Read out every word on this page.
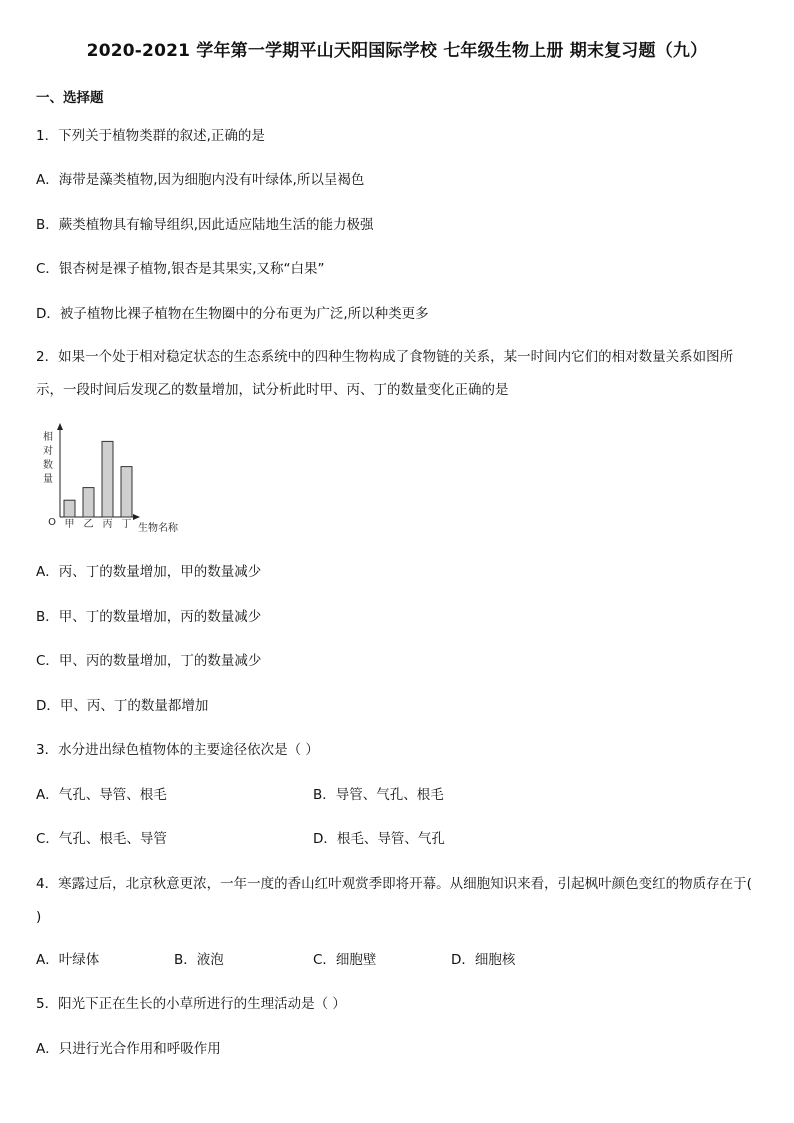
2020-2021 学年第一学期平山天阳国际学校 七年级生物上册 期末复习题（九）
一、选择题
1．下列关于植物类群的叙述,正确的是
A．海带是藻类植物,因为细胞内没有叶绿体,所以呈褐色
B．蕨类植物具有输导组织,因此适应陆地生活的能力极强
C．银杏树是裸子植物,银杏是其果实,又称“白果”
D．被子植物比裸子植物在生物圈中的分布更为广泛,所以种类更多
2．如果一个处于相对稳定状态的生态系统中的四种生物构成了食物链的关系，某一时间内它们的相对数量关系如图所示，一段时间后发现乙的数量增加，试分析此时甲、丙、丁的数量变化正确的是
相
对
数
量
O 甲 乙 丙 丁 生物名称
A．丙、丁的数量增加，甲的数量减少
B．甲、丁的数量增加，丙的数量减少
C．甲、丙的数量增加，丁的数量减少
D．甲、丙、丁的数量都增加
3．水分进出绿色植物体的主要途径依次是（ ）
A．气孔、导管、根毛	B．导管、气孔、根毛
C．气孔、根毛、导管	D．根毛、导管、气孔
4．寒露过后，北京秋意更浓，一年一度的香山红叶观赏季即将开幕。从细胞知识来看，引起枫叶颜色变红的物质存在于( )
A．叶绿体	B．液泡	C．细胞壁	D．细胞核
5．阳光下正在生长的小草所进行的生理活动是（ ）
A．只进行光合作用和呼吸作用
